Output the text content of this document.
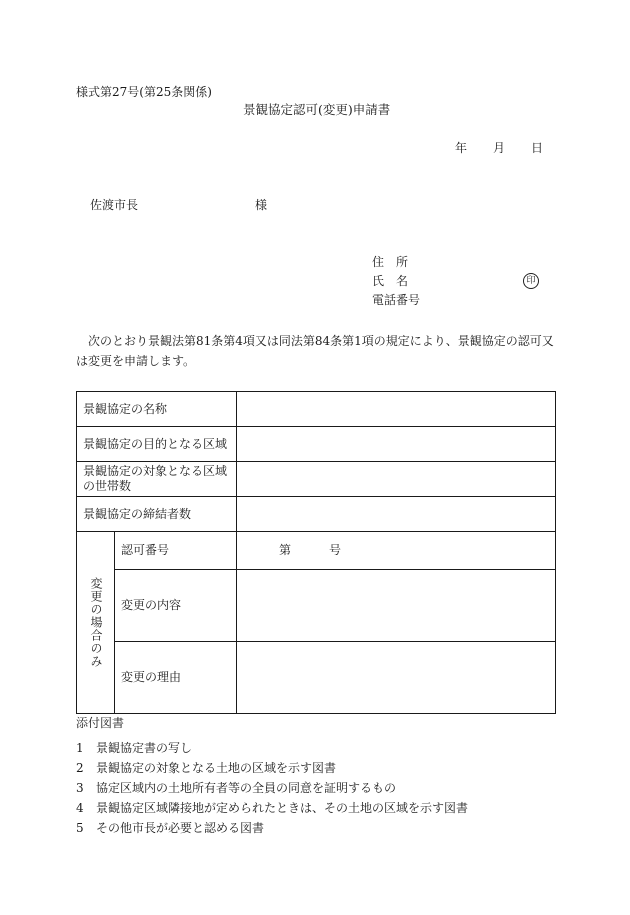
様式第27号(第25条関係)
景観協定認可(変更)申請書
年 月 日
佐渡市長	様
住　所
氏　名	印
電話番号
次のとおり景観法第81条第4項又は同法第84条第1項の規定により、景観協定の認可又は変更を申請します。
景観協定の名称		
景観協定の目的となる区域		
景観協定の対象となる区域の世帯数		
景観協定の締結者数		

変更の場合のみ	認可番号	第 号
	変更の内容	
	変更の理由	
添付図書
1 景観協定書の写し
2 景観協定の対象となる土地の区域を示す図書
3 協定区域内の土地所有者等の全員の同意を証明するもの
4 景観協定区域隣接地が定められたときは、その土地の区域を示す図書
5 その他市長が必要と認める図書
